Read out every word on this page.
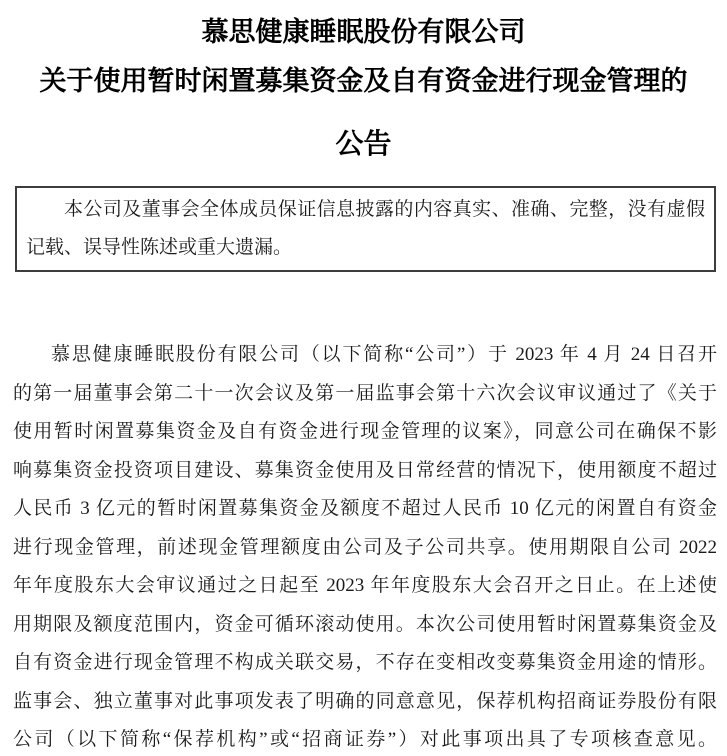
慕思健康睡眠股份有限公司
关于使用暂时闲置募集资金及自有资金进行现金管理的
公告
本公司及董事会全体成员保证信息披露的内容真实、准确、完整，没有虚假
记载、误导性陈述或重大遗漏。
慕思健康睡眠股份有限公司（以下简称“公司”）于 2023 年 4 月 24 日召开
的第一届董事会第二十一次会议及第一届监事会第十六次会议审议通过了《关于
使用暂时闲置募集资金及自有资金进行现金管理的议案》，同意公司在确保不影
响募集资金投资项目建设、募集资金使用及日常经营的情况下，使用额度不超过
人民币 3 亿元的暂时闲置募集资金及额度不超过人民币 10 亿元的闲置自有资金
进行现金管理，前述现金管理额度由公司及子公司共享。使用期限自公司 2022
年年度股东大会审议通过之日起至 2023 年年度股东大会召开之日止。在上述使
用期限及额度范围内，资金可循环滚动使用。本次公司使用暂时闲置募集资金及
自有资金进行现金管理不构成关联交易，不存在变相改变募集资金用途的情形。
监事会、独立董事对此事项发表了明确的同意意见，保荐机构招商证券股份有限
公司（以下简称“保荐机构”或“招商证券”）对此事项出具了专项核查意见。
